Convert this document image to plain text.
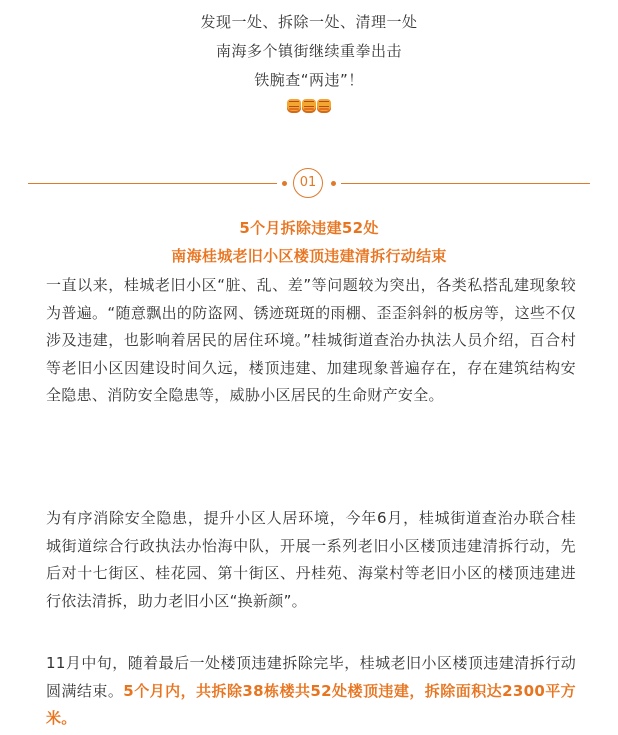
发现一处、拆除一处、清理一处
南海多个镇街继续重拳出击
铁腕查“两违”！
01
5个月拆除违建52处
南海桂城老旧小区楼顶违建清拆行动结束
一直以来，桂城老旧小区“脏、乱、差”等问题较为突出，各类私搭乱建现象较为普遍。“随意飘出的防盗网、锈迹斑斑的雨棚、歪歪斜斜的板房等，这些不仅涉及违建，也影响着居民的居住环境。”桂城街道查治办执法人员介绍，百合村等老旧小区因建设时间久远，楼顶违建、加建现象普遍存在，存在建筑结构安全隐患、消防安全隐患等，威胁小区居民的生命财产安全。
为有序消除安全隐患，提升小区人居环境，今年6月，桂城街道查治办联合桂城街道综合行政执法办怡海中队，开展一系列老旧小区楼顶违建清拆行动，先后对十七街区、桂花园、第十街区、丹桂苑、海棠村等老旧小区的楼顶违建进行依法清拆，助力老旧小区“换新颜”。
11月中旬，随着最后一处楼顶违建拆除完毕，桂城老旧小区楼顶违建清拆行动圆满结束。5个月内，共拆除38栋楼共52处楼顶违建，拆除面积达2300平方米。
